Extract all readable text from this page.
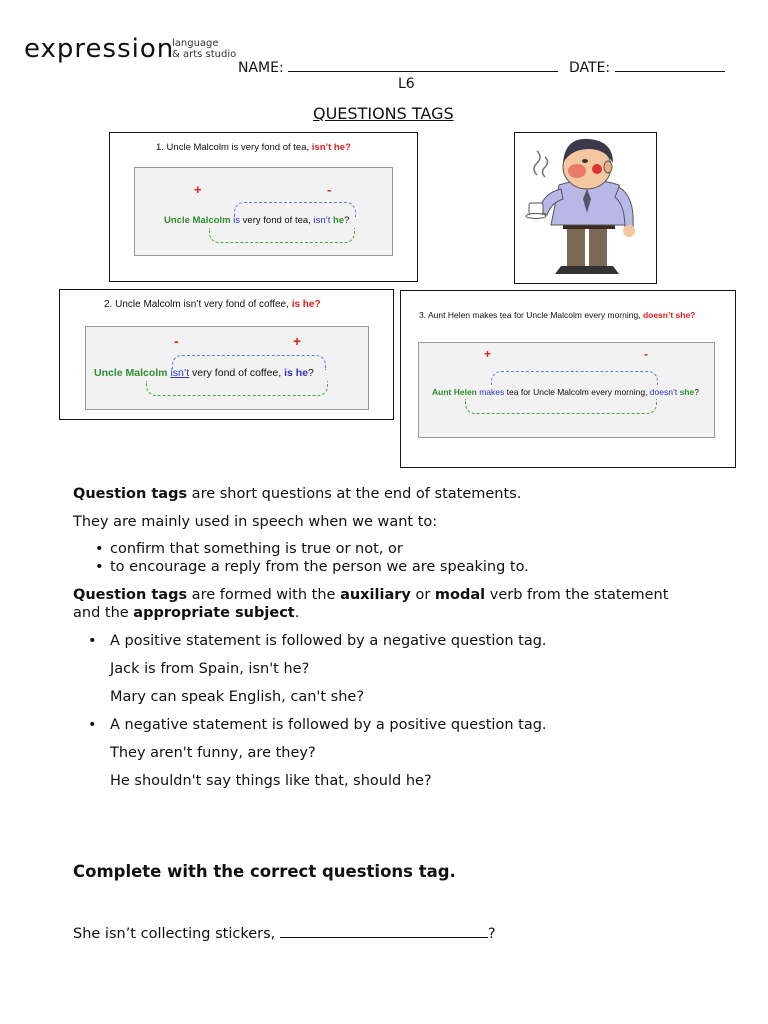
expression
language
& arts studio
NAME:	DATE:
L6
QUESTIONS TAGS
1. Uncle Malcolm is very fond of tea, isn’t he?
+	-
Uncle Malcolm is very fond of tea, isn’t he?
2. Uncle Malcolm isn’t very fond of coffee, is he?
-	+
Uncle Malcolm isn’t very fond of coffee, is he?
3. Aunt Helen makes tea for Uncle Malcolm every morning, doesn’t she?
+	-
Aunt Helen makes tea for Uncle Malcolm every morning, doesn’t she?
Question tags are short questions at the end of statements.
They are mainly used in speech when we want to:
• confirm that something is true or not, or
• to encourage a reply from the person we are speaking to.
Question tags are formed with the auxiliary or modal verb from the statement
and the appropriate subject.
• A positive statement is followed by a negative question tag.
Jack is from Spain, isn't he?
Mary can speak English, can't she?
• A negative statement is followed by a positive question tag.
They aren't funny, are they?
He shouldn't say things like that, should he?
Complete with the correct questions tag.
She isn’t collecting stickers,	?
